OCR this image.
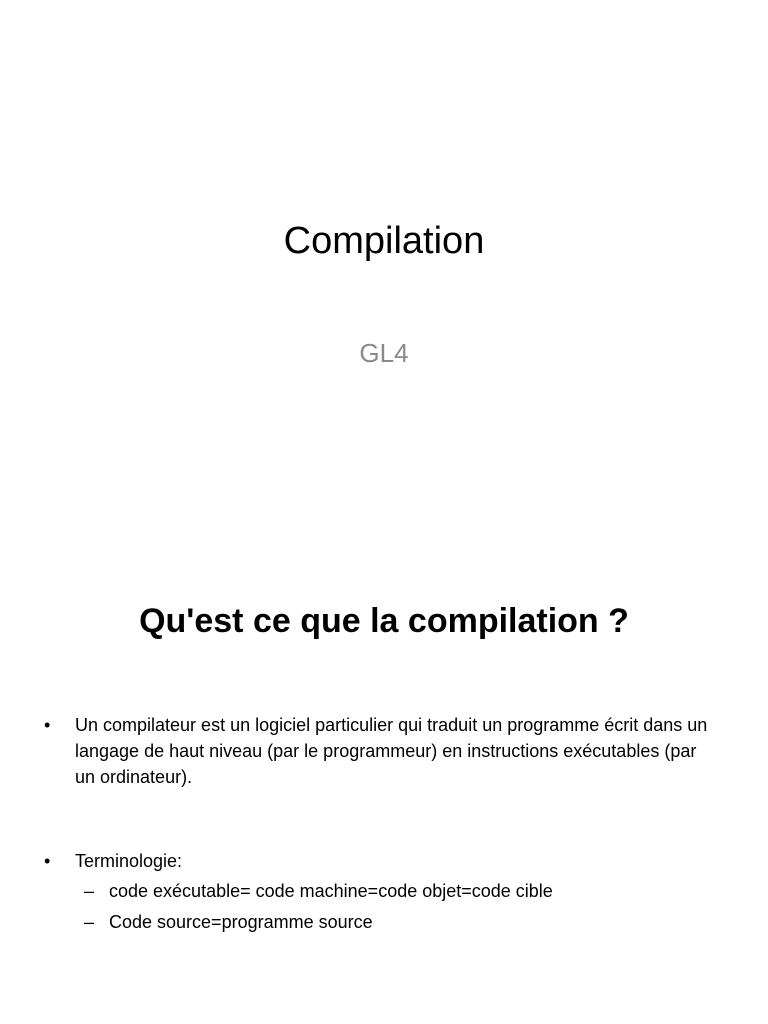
Compilation
GL4
Qu'est ce que la compilation ?
•	Un compilateur est un logiciel particulier qui traduit un programme écrit dans un langage de haut niveau (par le programmeur) en instructions exécutables (par un ordinateur).
•	Terminologie:
– code exécutable= code machine=code objet=code cible
– Code source=programme source
